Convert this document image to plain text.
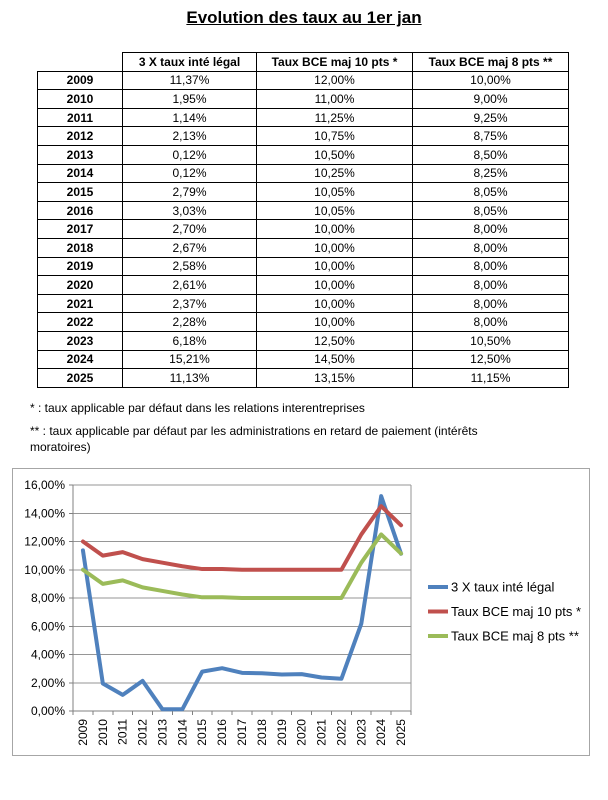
Evolution des taux au 1er jan
	3 X taux inté légal	Taux BCE maj 10 pts *	Taux BCE maj 8 pts **
2009	11,37%	12,00%	10,00%
2010	1,95%	11,00%	9,00%
2011	1,14%	11,25%	9,25%
2012	2,13%	10,75%	8,75%
2013	0,12%	10,50%	8,50%
2014	0,12%	10,25%	8,25%
2015	2,79%	10,05%	8,05%
2016	3,03%	10,05%	8,05%
2017	2,70%	10,00%	8,00%
2018	2,67%	10,00%	8,00%
2019	2,58%	10,00%	8,00%
2020	2,61%	10,00%	8,00%
2021	2,37%	10,00%	8,00%
2022	2,28%	10,00%	8,00%
2023	6,18%	12,50%	10,50%
2024	15,21%	14,50%	12,50%
2025	11,13%	13,15%	11,15%
* : taux applicable par défaut dans les relations interentreprises
** : taux applicable par défaut par les administrations en retard de paiement (intérêts
moratoires)
0,00%
2,00%
4,00%
6,00%
8,00%
10,00%
12,00%
14,00%
16,00%
2009 2010 2011 2012 2013 2014 2015 2016 2017 2018 2019 2020 2021 2022 2023 2024 2025
3 X taux inté légal
Taux BCE maj 10 pts *
Taux BCE maj 8 pts **
